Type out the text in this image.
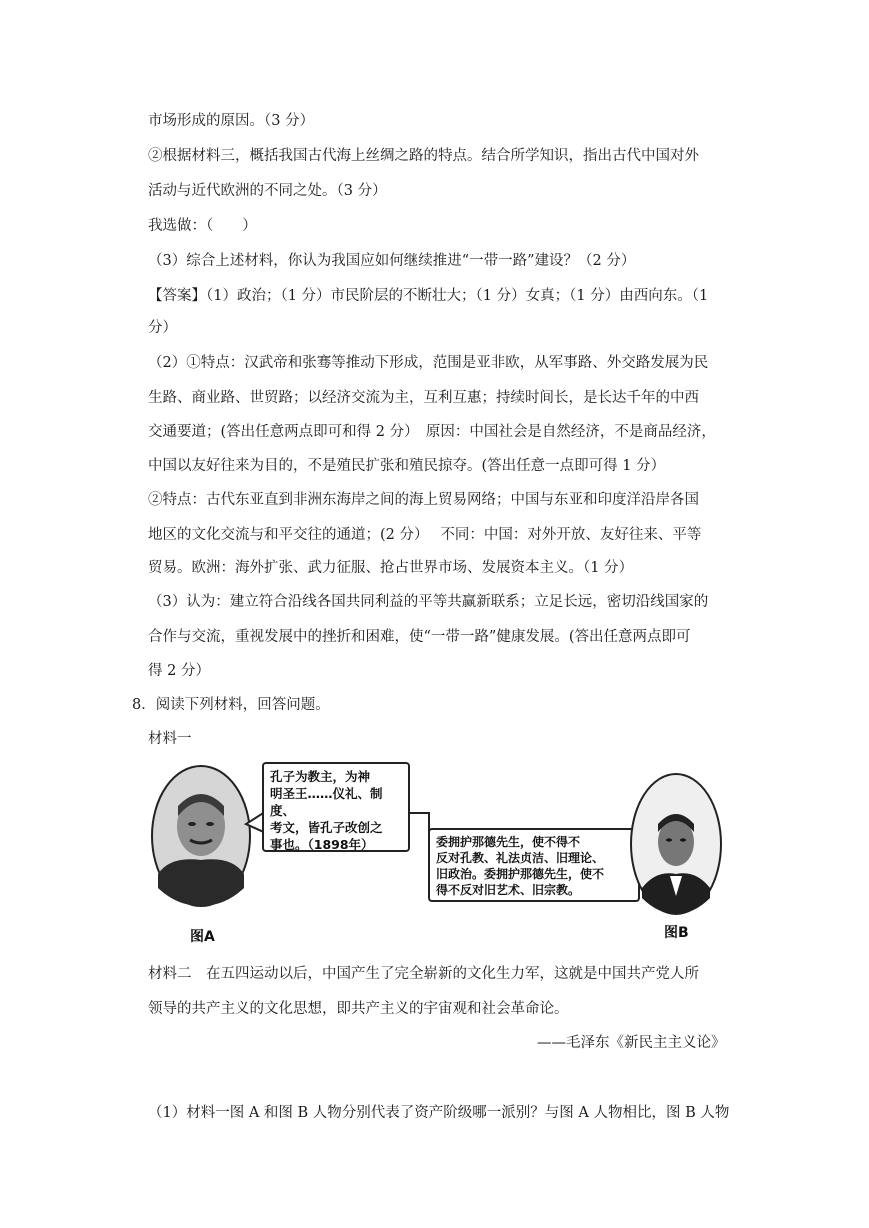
市场形成的原因。（3 分）
②根据材料三，概括我国古代海上丝绸之路的特点。结合所学知识，指出古代中国对外
活动与近代欧洲的不同之处。（3 分）
我选做：（　　）
（3）综合上述材料，你认为我国应如何继续推进“一带一路”建设？（2 分）
【答案】（1）政治；（1 分）市民阶层的不断壮大；（1 分）女真；（1 分）由西向东。（1
分）
（2）①特点：汉武帝和张骞等推动下形成，范围是亚非欧，从军事路、外交路发展为民
生路、商业路、世贸路；以经济交流为主，互利互惠；持续时间长，是长达千年的中西
交通要道；(答出任意两点即可和得 2 分）　原因：中国社会是自然经济，不是商品经济，
中国以友好往来为目的，不是殖民扩张和殖民掠夺。(答出任意一点即可得 1 分）
②特点：古代东亚直到非洲东海岸之间的海上贸易网络；中国与东亚和印度洋沿岸各国
地区的文化交流与和平交往的通道；(2 分）　 不同：中国：对外开放、友好往来、平等
贸易。欧洲：海外扩张、武力征服、抢占世界市场、发展资本主义。（1 分）
（3）认为：建立符合沿线各国共同利益的平等共赢新联系；立足长远，密切沿线国家的
合作与交流，重视发展中的挫折和困难，使“一带一路”健康发展。(答出任意两点即可
得 2 分）
8．阅读下列材料，回答问题。
材料一
孔子为教主，为神
明圣王……仪礼、制度、
考文，皆孔子改创之
事也。（1898年）	委拥护那德先生，使不得不
反对孔教、礼法贞洁、旧理论、
旧政治。委拥护那德先生，使不
得不反对旧艺术、旧宗教。
图A	图B
材料二　在五四运动以后，中国产生了完全崭新的文化生力军，这就是中国共产党人所
领导的共产主义的文化思想，即共产主义的宇宙观和社会革命论。
——毛泽东《新民主主义论》
（1）材料一图 A 和图 B 人物分别代表了资产阶级哪一派别？与图 A 人物相比，图 B 人物
